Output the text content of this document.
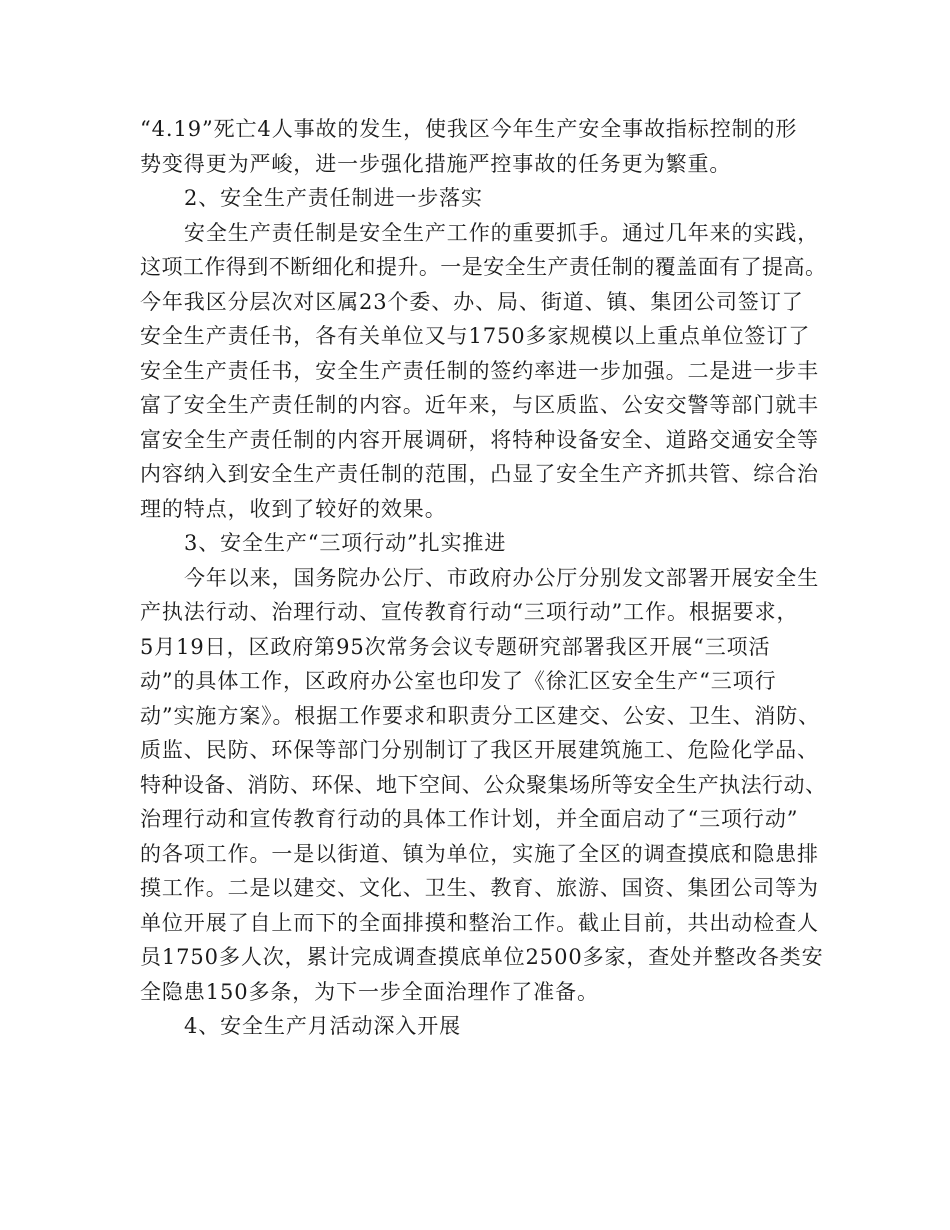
“4.19”死亡4人事故的发生，使我区今年生产安全事故指标控制的形
势变得更为严峻，进一步强化措施严控事故的任务更为繁重。
2、安全生产责任制进一步落实
安全生产责任制是安全生产工作的重要抓手。通过几年来的实践，
这项工作得到不断细化和提升。一是安全生产责任制的覆盖面有了提高。
今年我区分层次对区属23个委、办、局、街道、镇、集团公司签订了
安全生产责任书，各有关单位又与1750多家规模以上重点单位签订了
安全生产责任书，安全生产责任制的签约率进一步加强。二是进一步丰
富了安全生产责任制的内容。近年来，与区质监、公安交警等部门就丰
富安全生产责任制的内容开展调研，将特种设备安全、道路交通安全等
内容纳入到安全生产责任制的范围，凸显了安全生产齐抓共管、综合治
理的特点，收到了较好的效果。
3、安全生产“三项行动”扎实推进
今年以来，国务院办公厅、市政府办公厅分别发文部署开展安全生
产执法行动、治理行动、宣传教育行动“三项行动”工作。根据要求，
5月19日，区政府第95次常务会议专题研究部署我区开展“三项活
动”的具体工作，区政府办公室也印发了《徐汇区安全生产“三项行
动”实施方案》。根据工作要求和职责分工区建交、公安、卫生、消防、
质监、民防、环保等部门分别制订了我区开展建筑施工、危险化学品、
特种设备、消防、环保、地下空间、公众聚集场所等安全生产执法行动、
治理行动和宣传教育行动的具体工作计划，并全面启动了“三项行动”
的各项工作。一是以街道、镇为单位，实施了全区的调查摸底和隐患排
摸工作。二是以建交、文化、卫生、教育、旅游、国资、集团公司等为
单位开展了自上而下的全面排摸和整治工作。截止目前，共出动检查人
员1750多人次，累计完成调查摸底单位2500多家，查处并整改各类安
全隐患150多条，为下一步全面治理作了准备。
4、安全生产月活动深入开展
